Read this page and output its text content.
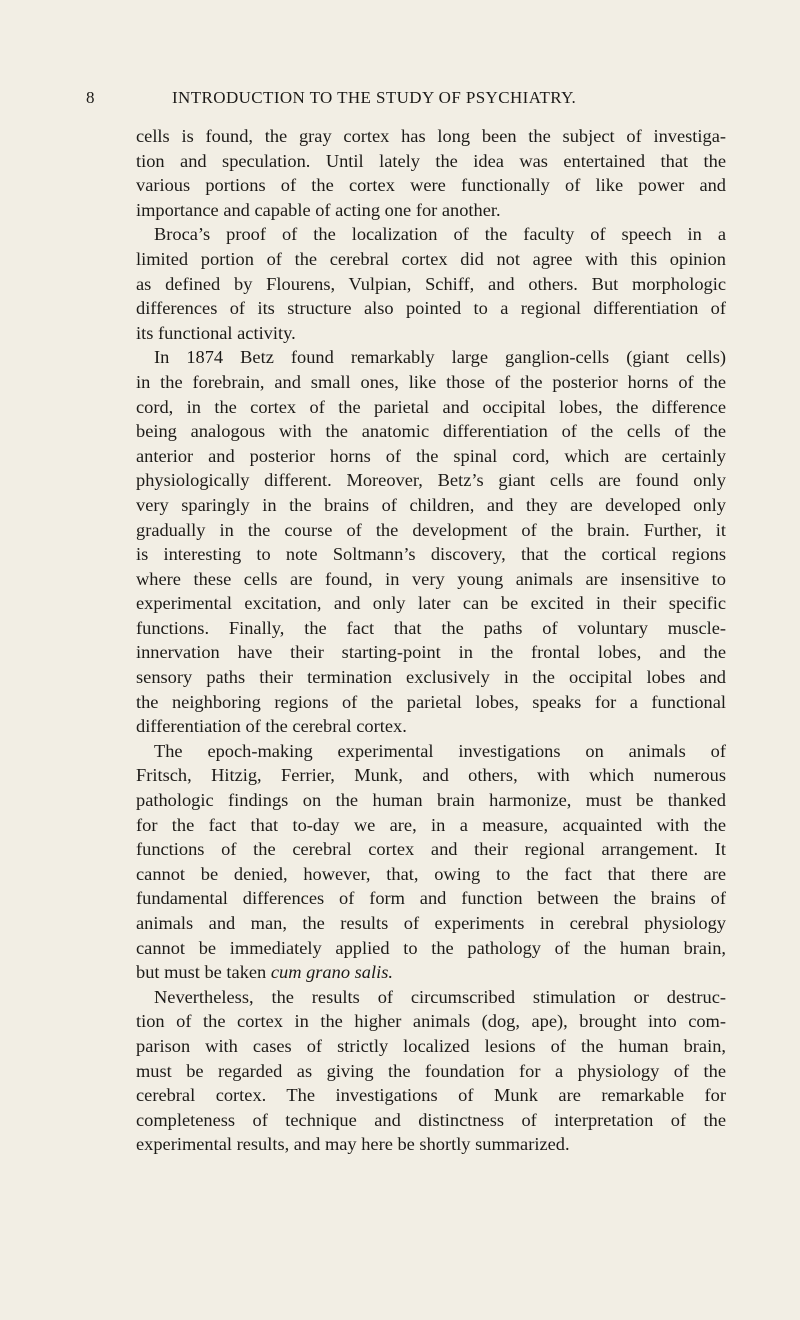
8	INTRODUCTION TO THE STUDY OF PSYCHIATRY.
cells is found, the gray cortex has long been the subject of investiga-
tion and speculation. Until lately the idea was entertained that the
various portions of the cortex were functionally of like power and
importance and capable of acting one for another.
Broca’s proof of the localization of the faculty of speech in a
limited portion of the cerebral cortex did not agree with this opinion
as defined by Flourens, Vulpian, Schiff, and others. But morphologic
differences of its structure also pointed to a regional differentiation of
its functional activity.
In 1874 Betz found remarkably large ganglion-cells (giant cells)
in the forebrain, and small ones, like those of the posterior horns of the
cord, in the cortex of the parietal and occipital lobes, the difference
being analogous with the anatomic differentiation of the cells of the
anterior and posterior horns of the spinal cord, which are certainly
physiologically different. Moreover, Betz’s giant cells are found only
very sparingly in the brains of children, and they are developed only
gradually in the course of the development of the brain. Further, it
is interesting to note Soltmann’s discovery, that the cortical regions
where these cells are found, in very young animals are insensitive to
experimental excitation, and only later can be excited in their specific
functions. Finally, the fact that the paths of voluntary muscle-
innervation have their starting-point in the frontal lobes, and the
sensory paths their termination exclusively in the occipital lobes and
the neighboring regions of the parietal lobes, speaks for a functional
differentiation of the cerebral cortex.
The epoch-making experimental investigations on animals of
Fritsch, Hitzig, Ferrier, Munk, and others, with which numerous
pathologic findings on the human brain harmonize, must be thanked
for the fact that to-day we are, in a measure, acquainted with the
functions of the cerebral cortex and their regional arrangement. It
cannot be denied, however, that, owing to the fact that there are
fundamental differences of form and function between the brains of
animals and man, the results of experiments in cerebral physiology
cannot be immediately applied to the pathology of the human brain,
but must be taken cum grano salis.
Nevertheless, the results of circumscribed stimulation or destruc-
tion of the cortex in the higher animals (dog, ape), brought into com-
parison with cases of strictly localized lesions of the human brain,
must be regarded as giving the foundation for a physiology of the
cerebral cortex. The investigations of Munk are remarkable for
completeness of technique and distinctness of interpretation of the
experimental results, and may here be shortly summarized.
